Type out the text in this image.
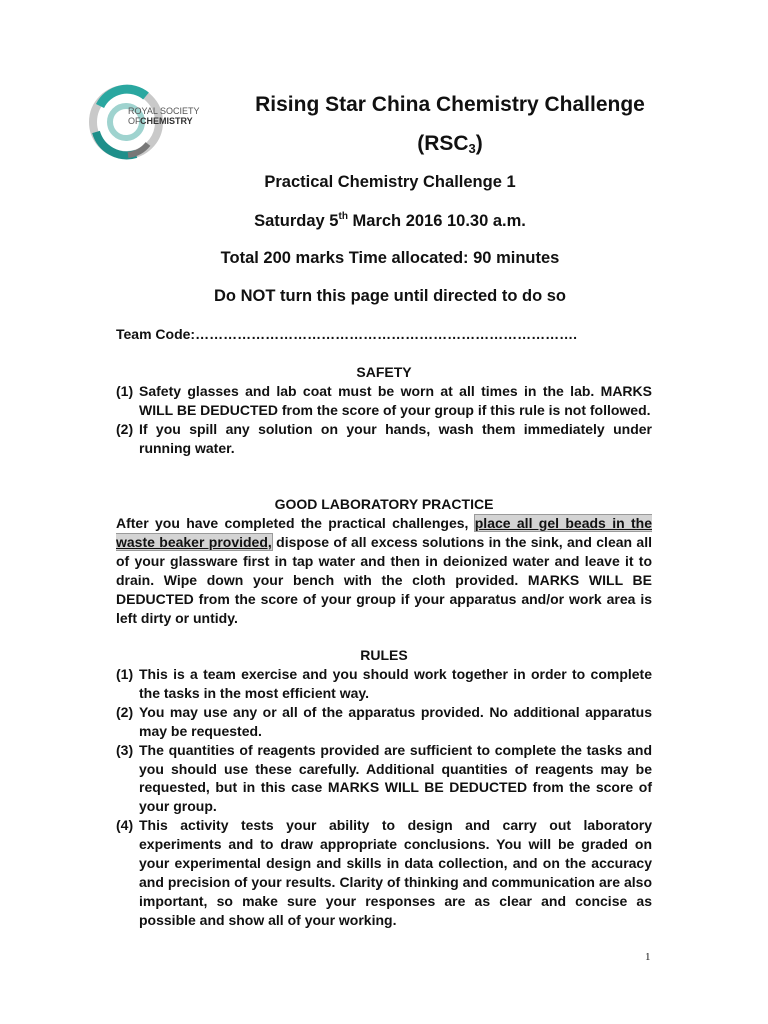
ROYAL SOCIETY
OF CHEMISTRY
Rising Star China Chemistry Challenge
$(RSC_3)$
Practical Chemistry Challenge 1
Saturday 5th March 2016 10.30 a.m.
Total 200 marks Time allocated: 90 minutes
Do NOT turn this page until directed to do so
Team Code:……………………………………………………………………….
SAFETY
(1) Safety glasses and lab coat must be worn at all times in the lab. MARKS WILL BE DEDUCTED from the score of your group if this rule is not followed.
(2) If you spill any solution on your hands, wash them immediately under running water.
GOOD LABORATORY PRACTICE
After you have completed the practical challenges, place all gel beads in the waste beaker provided, dispose of all excess solutions in the sink, and clean all of your glassware first in tap water and then in deionized water and leave it to drain. Wipe down your bench with the cloth provided. MARKS WILL BE DEDUCTED from the score of your group if your apparatus and/or work area is left dirty or untidy.
RULES
(1) This is a team exercise and you should work together in order to complete the tasks in the most efficient way.
(2) You may use any or all of the apparatus provided. No additional apparatus may be requested.
(3) The quantities of reagents provided are sufficient to complete the tasks and you should use these carefully. Additional quantities of reagents may be requested, but in this case MARKS WILL BE DEDUCTED from the score of your group.
(4) This activity tests your ability to design and carry out laboratory experiments and to draw appropriate conclusions. You will be graded on your experimental design and skills in data collection, and on the accuracy and precision of your results. Clarity of thinking and communication are also important, so make sure your responses are as clear and concise as possible and show all of your working.
1
